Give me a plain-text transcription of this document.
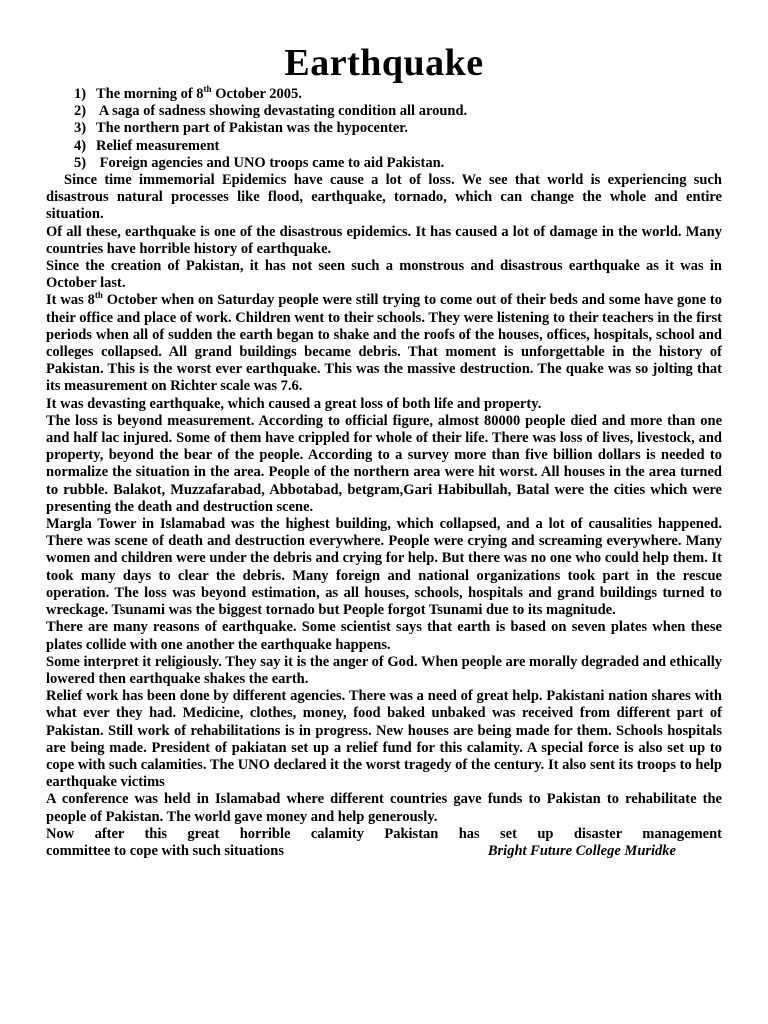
Earthquake
1) The morning of 8th October 2005.
2) A saga of sadness showing devastating condition all around.
3) The northern part of Pakistan was the hypocenter.
4) Relief measurement
5) Foreign agencies and UNO troops came to aid Pakistan.

Since time immemorial Epidemics have cause a lot of loss. We see that world is experiencing such disastrous natural processes like flood, earthquake, tornado, which can change the whole and entire situation.

Of all these, earthquake is one of the disastrous epidemics. It has caused a lot of damage in the world. Many countries have horrible history of earthquake.

Since the creation of Pakistan, it has not seen such a monstrous and disastrous earthquake as it was in October last.

It was 8th October when on Saturday people were still trying to come out of their beds and some have gone to their office and place of work. Children went to their schools. They were listening to their teachers in the first periods when all of sudden the earth began to shake and the roofs of the houses, offices, hospitals, school and colleges collapsed. All grand buildings became debris. That moment is unforgettable in the history of Pakistan. This is the worst ever earthquake. This was the massive destruction. The quake was so jolting that its measurement on Richter scale was 7.6.

It was devasting earthquake, which caused a great loss of both life and property.

The loss is beyond measurement. According to official figure, almost 80000 people died and more than one and half lac injured. Some of them have crippled for whole of their life. There was loss of lives, livestock, and property, beyond the bear of the people. According to a survey more than five billion dollars is needed to normalize the situation in the area. People of the northern area were hit worst. All houses in the area turned to rubble. Balakot, Muzzafarabad, Abbotabad, betgram,Gari Habibullah, Batal were the cities which were presenting the death and destruction scene.

Margla Tower in Islamabad was the highest building, which collapsed, and a lot of causalities happened. There was scene of death and destruction everywhere. People were crying and screaming everywhere. Many women and children were under the debris and crying for help. But there was no one who could help them. It took many days to clear the debris. Many foreign and national organizations took part in the rescue operation. The loss was beyond estimation, as all houses, schools, hospitals and grand buildings turned to wreckage. Tsunami was the biggest tornado but People forgot Tsunami due to its magnitude.

There are many reasons of earthquake. Some scientist says that earth is based on seven plates when these plates collide with one another the earthquake happens.

Some interpret it religiously. They say it is the anger of God. When people are morally degraded and ethically lowered then earthquake shakes the earth.

Relief work has been done by different agencies. There was a need of great help. Pakistani nation shares with what ever they had. Medicine, clothes, money, food baked unbaked was received from different part of Pakistan. Still work of rehabilitations is in progress. New houses are being made for them. Schools hospitals are being made. President of pakiatan set up a relief fund for this calamity. A special force is also set up to cope with such calamities. The UNO declared it the worst tragedy of the century. It also sent its troops to help earthquake victims

A conference was held in Islamabad where different countries gave funds to Pakistan to rehabilitate the people of Pakistan. The world gave money and help generously.

Now after this great horrible calamity Pakistan has set up disaster management

committee to cope with such situations	Bright Future College Muridke
